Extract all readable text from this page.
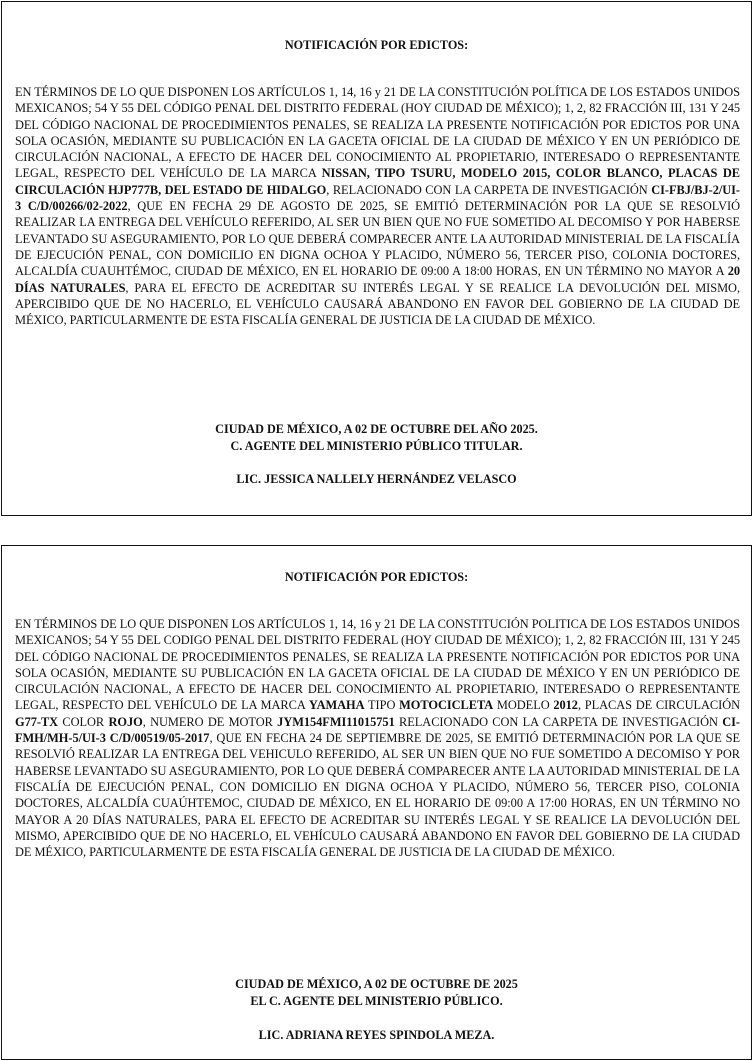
NOTIFICACIÓN POR EDICTOS:

EN TÉRMINOS DE LO QUE DISPONEN LOS ARTÍCULOS 1, 14, 16 y 21 DE LA CONSTITUCIÓN POLÍTICA DE LOS ESTADOS UNIDOS MEXICANOS; 54 Y 55 DEL CÓDIGO PENAL DEL DISTRITO FEDERAL (HOY CIUDAD DE MÉXICO); 1, 2, 82 FRACCIÓN III, 131 Y 245 DEL CÓDIGO NACIONAL DE PROCEDIMIENTOS PENALES, SE REALIZA LA PRESENTE NOTIFICACIÓN POR EDICTOS POR UNA SOLA OCASIÓN, MEDIANTE SU PUBLICACIÓN EN LA GACETA OFICIAL DE LA CIUDAD DE MÉXICO Y EN UN PERIÓDICO DE CIRCULACIÓN NACIONAL, A EFECTO DE HACER DEL CONOCIMIENTO AL PROPIETARIO, INTERESADO O REPRESENTANTE LEGAL, RESPECTO DEL VEHÍCULO DE LA MARCA NISSAN, TIPO TSURU, MODELO 2015, COLOR BLANCO, PLACAS DE CIRCULACIÓN HJP777B, DEL ESTADO DE HIDALGO, RELACIONADO CON LA CARPETA DE INVESTIGACIÓN CI-FBJ/BJ-2/UI-3 C/D/00266/02-2022, QUE EN FECHA 29 DE AGOSTO DE 2025, SE EMITIÓ DETERMINACIÓN POR LA QUE SE RESOLVIÓ REALIZAR LA ENTREGA DEL VEHÍCULO REFERIDO, AL SER UN BIEN QUE NO FUE SOMETIDO AL DECOMISO Y POR HABERSE LEVANTADO SU ASEGURAMIENTO, POR LO QUE DEBERÁ COMPARECER ANTE LA AUTORIDAD MINISTERIAL DE LA FISCALÍA DE EJECUCIÓN PENAL, CON DOMICILIO EN DIGNA OCHOA Y PLACIDO, NÚMERO 56, TERCER PISO, COLONIA DOCTORES, ALCALDÍA CUAUHTÉMOC, CIUDAD DE MÉXICO, EN EL HORARIO DE 09:00 A 18:00 HORAS, EN UN TÉRMINO NO MAYOR A 20 DÍAS NATURALES, PARA EL EFECTO DE ACREDITAR SU INTERÉS LEGAL Y SE REALICE LA DEVOLUCIÓN DEL MISMO, APERCIBIDO QUE DE NO HACERLO, EL VEHÍCULO CAUSARÁ ABANDONO EN FAVOR DEL GOBIERNO DE LA CIUDAD DE MÉXICO, PARTICULARMENTE DE ESTA FISCALÍA GENERAL DE JUSTICIA DE LA CIUDAD DE MÉXICO.

CIUDAD DE MÉXICO, A 02 DE OCTUBRE DEL AÑO 2025.

C. AGENTE DEL MINISTERIO PÚBLICO TITULAR.

LIC. JESSICA NALLELY HERNÁNDEZ VELASCO

NOTIFICACIÓN POR EDICTOS:

EN TÉRMINOS DE LO QUE DISPONEN LOS ARTÍCULOS 1, 14, 16 y 21 DE LA CONSTITUCIÓN POLITICA DE LOS ESTADOS UNIDOS MEXICANOS; 54 Y 55 DEL CODIGO PENAL DEL DISTRITO FEDERAL (HOY CIUDAD DE MÉXICO); 1, 2, 82 FRACCIÓN III, 131 Y 245 DEL CÓDIGO NACIONAL DE PROCEDIMIENTOS PENALES, SE REALIZA LA PRESENTE NOTIFICACIÓN POR EDICTOS POR UNA SOLA OCASIÓN, MEDIANTE SU PUBLICACIÓN EN LA GACETA OFICIAL DE LA CIUDAD DE MÉXICO Y EN UN PERIÓDICO DE CIRCULACIÓN NACIONAL, A EFECTO DE HACER DEL CONOCIMIENTO AL PROPIETARIO, INTERESADO O REPRESENTANTE LEGAL, RESPECTO DEL VEHÍCULO DE LA MARCA YAMAHA TIPO MOTOCICLETA MODELO 2012, PLACAS DE CIRCULACIÓN G77-TX COLOR ROJO, NUMERO DE MOTOR JYM154FMI11015751 RELACIONADO CON LA CARPETA DE INVESTIGACIÓN CI-FMH/MH-5/UI-3 C/D/00519/05-2017, QUE EN FECHA 24 DE SEPTIEMBRE DE 2025, SE EMITIÓ DETERMINACIÓN POR LA QUE SE RESOLVIÓ REALIZAR LA ENTREGA DEL VEHICULO REFERIDO, AL SER UN BIEN QUE NO FUE SOMETIDO A DECOMISO Y POR HABERSE LEVANTADO SU ASEGURAMIENTO, POR LO QUE DEBERÁ COMPARECER ANTE LA AUTORIDAD MINISTERIAL DE LA FISCALÍA DE EJECUCIÓN PENAL, CON DOMICILIO EN DIGNA OCHOA Y PLACIDO, NÚMERO 56, TERCER PISO, COLONIA DOCTORES, ALCALDÍA CUAÚHTEMOC, CIUDAD DE MÉXICO, EN EL HORARIO DE 09:00 A 17:00 HORAS, EN UN TÉRMINO NO MAYOR A 20 DÍAS NATURALES, PARA EL EFECTO DE ACREDITAR SU INTERÉS LEGAL Y SE REALICE LA DEVOLUCIÓN DEL MISMO, APERCIBIDO QUE DE NO HACERLO, EL VEHÍCULO CAUSARÁ ABANDONO EN FAVOR DEL GOBIERNO DE LA CIUDAD DE MÉXICO, PARTICULARMENTE DE ESTA FISCALÍA GENERAL DE JUSTICIA DE LA CIUDAD DE MÉXICO.

CIUDAD DE MÉXICO, A 02 DE OCTUBRE DE 2025

EL C. AGENTE DEL MINISTERIO PÚBLICO.

LIC. ADRIANA REYES SPINDOLA MEZA.
